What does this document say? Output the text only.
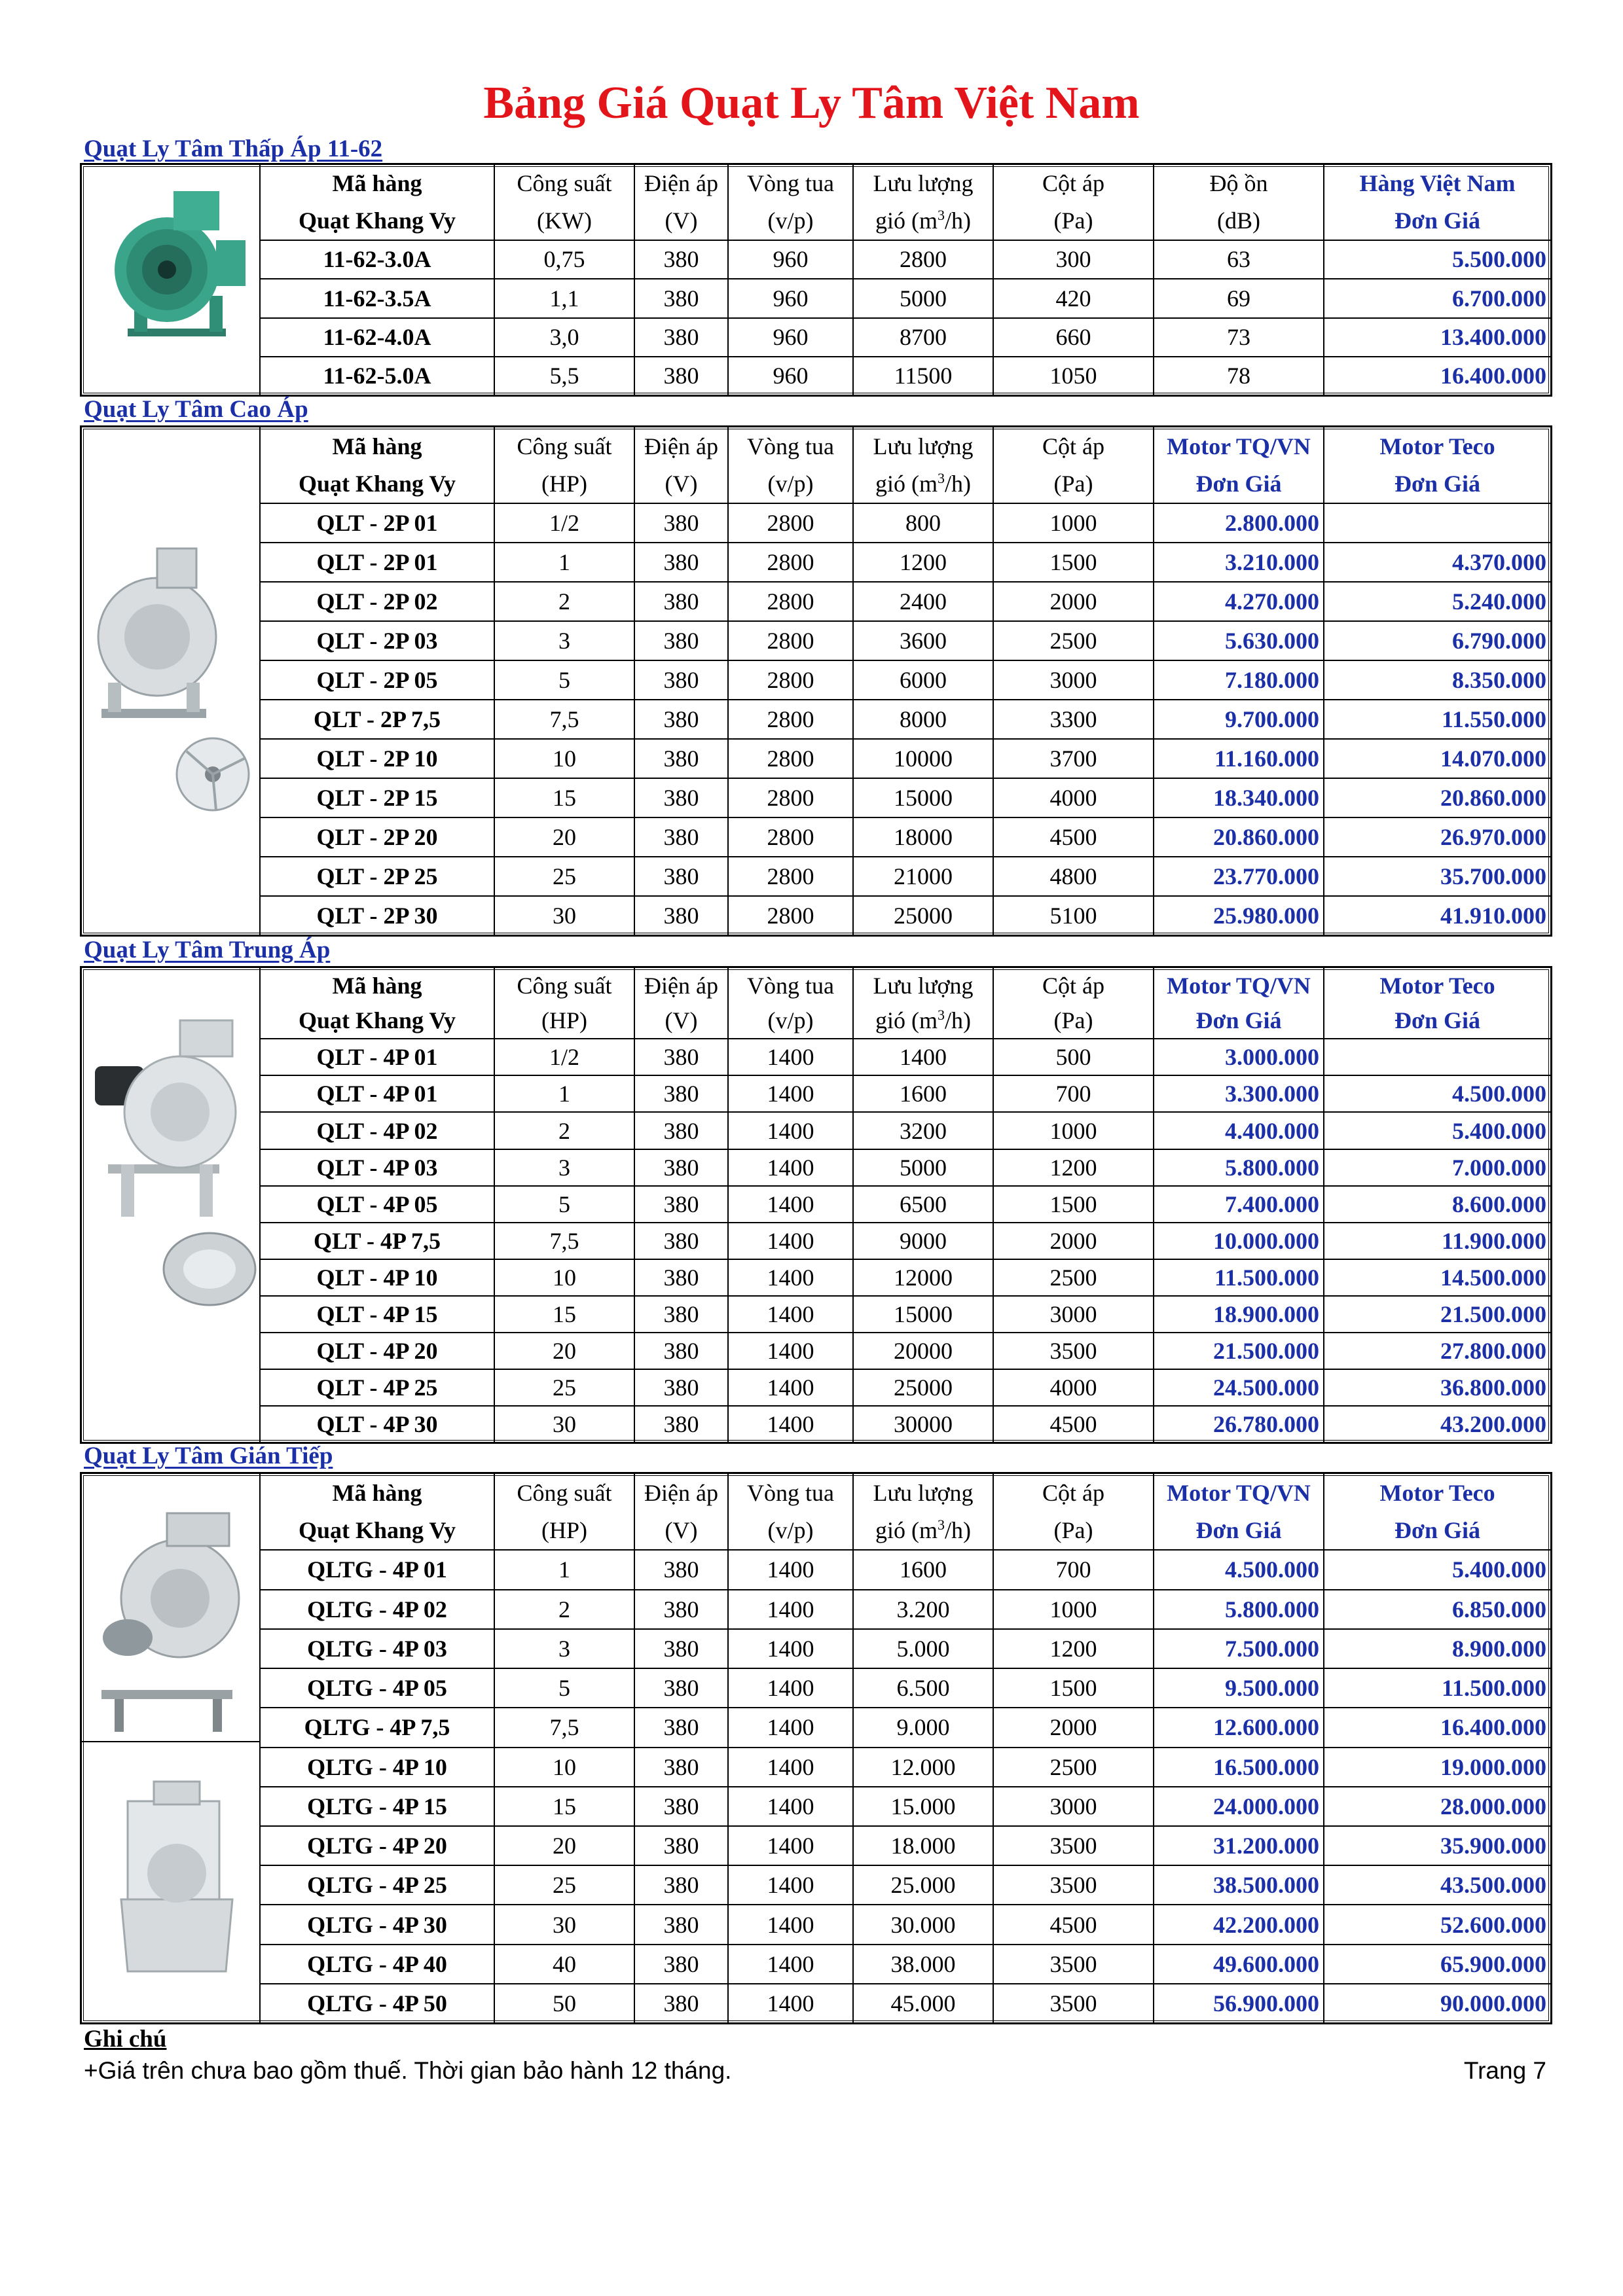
Bảng Giá Quạt Ly Tâm Việt Nam
Quạt Ly Tâm Thấp Áp 11-62
Mã hàng	Công suất	Điện áp	Vòng tua	Lưu lượng	Cột áp	Độ ồn	Hàng Việt Nam
Quạt Khang Vy	(KW)	(V)	(v/p)	gió $(m^3/h)$	(Pa)	(dB)	Đơn Giá
11-62-3.0A	0,75	380	960	2800	300	63	5.500.000
11-62-3.5A	1,1	380	960	5000	420	69	6.700.000
11-62-4.0A	3,0	380	960	8700	660	73	13.400.000
11-62-5.0A	5,5	380	960	11500	1050	78	16.400.000
Quạt Ly Tâm Cao Áp
Mã hàng	Công suất	Điện áp	Vòng tua	Lưu lượng	Cột áp	Motor TQ/VN	Motor Teco
Quạt Khang Vy	(HP)	(V)	(v/p)	gió $(m^3/h)$	(Pa)	Đơn Giá	Đơn Giá
QLT - 2P 01	1/2	380	2800	800	1000	2.800.000	
QLT - 2P 01	1	380	2800	1200	1500	3.210.000	4.370.000
QLT - 2P 02	2	380	2800	2400	2000	4.270.000	5.240.000
QLT - 2P 03	3	380	2800	3600	2500	5.630.000	6.790.000
QLT - 2P 05	5	380	2800	6000	3000	7.180.000	8.350.000
QLT - 2P 7,5	7,5	380	2800	8000	3300	9.700.000	11.550.000
QLT - 2P 10	10	380	2800	10000	3700	11.160.000	14.070.000
QLT - 2P 15	15	380	2800	15000	4000	18.340.000	20.860.000
QLT - 2P 20	20	380	2800	18000	4500	20.860.000	26.970.000
QLT - 2P 25	25	380	2800	21000	4800	23.770.000	35.700.000
QLT - 2P 30	30	380	2800	25000	5100	25.980.000	41.910.000
Quạt Ly Tâm Trung Áp
Mã hàng	Công suất	Điện áp	Vòng tua	Lưu lượng	Cột áp	Motor TQ/VN	Motor Teco
Quạt Khang Vy	(HP)	(V)	(v/p)	gió $(m^3/h)$	(Pa)	Đơn Giá	Đơn Giá
QLT - 4P 01	1/2	380	1400	1400	500	3.000.000	
QLT - 4P 01	1	380	1400	1600	700	3.300.000	4.500.000
QLT - 4P 02	2	380	1400	3200	1000	4.400.000	5.400.000
QLT - 4P 03	3	380	1400	5000	1200	5.800.000	7.000.000
QLT - 4P 05	5	380	1400	6500	1500	7.400.000	8.600.000
QLT - 4P 7,5	7,5	380	1400	9000	2000	10.000.000	11.900.000
QLT - 4P 10	10	380	1400	12000	2500	11.500.000	14.500.000
QLT - 4P 15	15	380	1400	15000	3000	18.900.000	21.500.000
QLT - 4P 20	20	380	1400	20000	3500	21.500.000	27.800.000
QLT - 4P 25	25	380	1400	25000	4000	24.500.000	36.800.000
QLT - 4P 30	30	380	1400	30000	4500	26.780.000	43.200.000
Quạt Ly Tâm Gián Tiếp
Mã hàng	Công suất	Điện áp	Vòng tua	Lưu lượng	Cột áp	Motor TQ/VN	Motor Teco
Quạt Khang Vy	(HP)	(V)	(v/p)	gió $(m^3/h)$	(Pa)	Đơn Giá	Đơn Giá
QLTG - 4P 01	1	380	1400	1600	700	4.500.000	5.400.000
QLTG - 4P 02	2	380	1400	3.200	1000	5.800.000	6.850.000
QLTG - 4P 03	3	380	1400	5.000	1200	7.500.000	8.900.000
QLTG - 4P 05	5	380	1400	6.500	1500	9.500.000	11.500.000
QLTG - 4P 7,5	7,5	380	1400	9.000	2000	12.600.000	16.400.000
QLTG - 4P 10	10	380	1400	12.000	2500	16.500.000	19.000.000
QLTG - 4P 15	15	380	1400	15.000	3000	24.000.000	28.000.000
QLTG - 4P 20	20	380	1400	18.000	3500	31.200.000	35.900.000
QLTG - 4P 25	25	380	1400	25.000	3500	38.500.000	43.500.000
QLTG - 4P 30	30	380	1400	30.000	4500	42.200.000	52.600.000
QLTG - 4P 40	40	380	1400	38.000	3500	49.600.000	65.900.000
QLTG - 4P 50	50	380	1400	45.000	3500	56.900.000	90.000.000
Ghi chú
+Giá trên chưa bao gồm thuế. Thời gian bảo hành 12 tháng.	Trang 7
